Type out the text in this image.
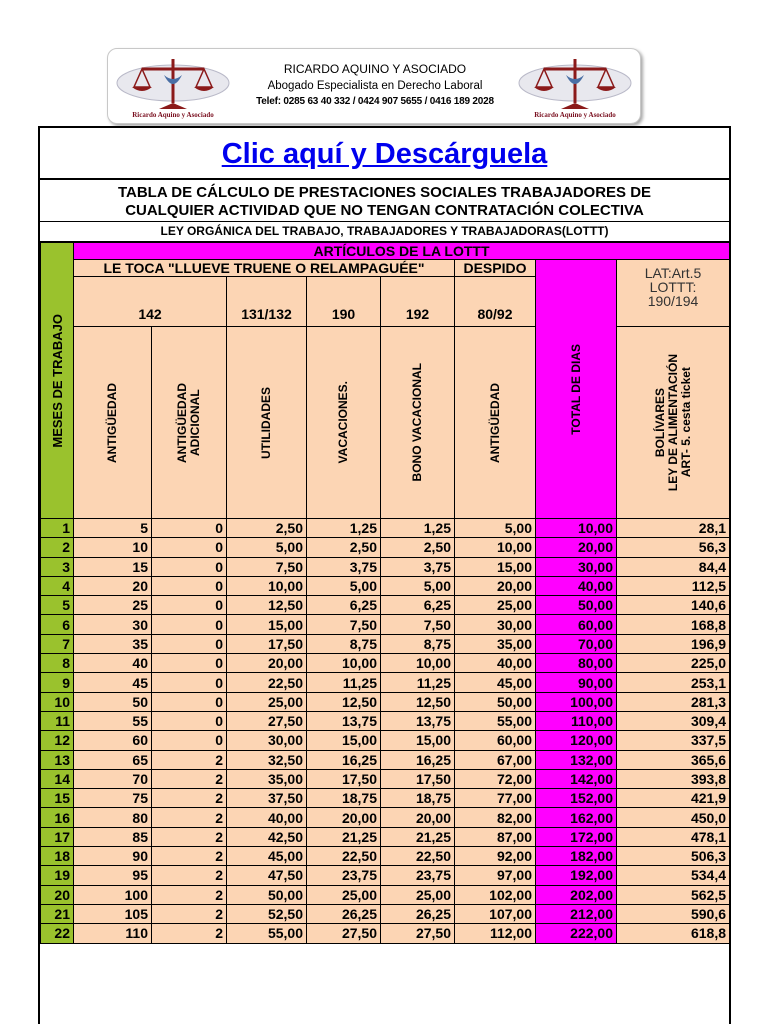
Ricardo Aquino y Asociado
RICARDO AQUINO Y ASOCIADO
Abogado Especialista en Derecho Laboral
Telef: 0285 63 40 332 / 0424 907 5655 / 0416 189 2028
Ricardo Aquino y Asociado
Clic aquí y Descárguela
TABLA DE CÁLCULO DE PRESTACIONES SOCIALES TRABAJADORES DE
CUALQUIER ACTIVIDAD QUE NO TENGAN CONTRATACIÓN COLECTIVA
LEY ORGÁNICA DEL TRABAJO, TRABAJADORES Y TRABAJADORAS(LOTTT)
MESES DE TRABAJO	ARTÍCULOS DE LA LOTTT							
	LE TOCA "LLUEVE TRUENE O RELAMPAGUÉE"					DESPIDO	TOTAL DE DIAS	LAT:Art.5
LOTTT:
190/194

	142		131/132	190	192	80/92		

	ANTIGÜEDAD	ANTIGÜEDAD
ADICIONAL	UTILIDADES	VACACIONES.	BONO VACACIONAL	ANTIGÜEDAD		BOLÍVARES
LEY DE ALIMENTACIÓN
ART- 5. cesta ticket

1	5	0	2,50	1,25	1,25	5,00	10,00	28,1
2	10	0	5,00	2,50	2,50	10,00	20,00	56,3
3	15	0	7,50	3,75	3,75	15,00	30,00	84,4
4	20	0	10,00	5,00	5,00	20,00	40,00	112,5
5	25	0	12,50	6,25	6,25	25,00	50,00	140,6
6	30	0	15,00	7,50	7,50	30,00	60,00	168,8
7	35	0	17,50	8,75	8,75	35,00	70,00	196,9
8	40	0	20,00	10,00	10,00	40,00	80,00	225,0
9	45	0	22,50	11,25	11,25	45,00	90,00	253,1
10	50	0	25,00	12,50	12,50	50,00	100,00	281,3
11	55	0	27,50	13,75	13,75	55,00	110,00	309,4
12	60	0	30,00	15,00	15,00	60,00	120,00	337,5
13	65	2	32,50	16,25	16,25	67,00	132,00	365,6
14	70	2	35,00	17,50	17,50	72,00	142,00	393,8
15	75	2	37,50	18,75	18,75	77,00	152,00	421,9
16	80	2	40,00	20,00	20,00	82,00	162,00	450,0
17	85	2	42,50	21,25	21,25	87,00	172,00	478,1
18	90	2	45,00	22,50	22,50	92,00	182,00	506,3
19	95	2	47,50	23,75	23,75	97,00	192,00	534,4
20	100	2	50,00	25,00	25,00	102,00	202,00	562,5
21	105	2	52,50	26,25	26,25	107,00	212,00	590,6
22	110	2	55,00	27,50	27,50	112,00	222,00	618,8
